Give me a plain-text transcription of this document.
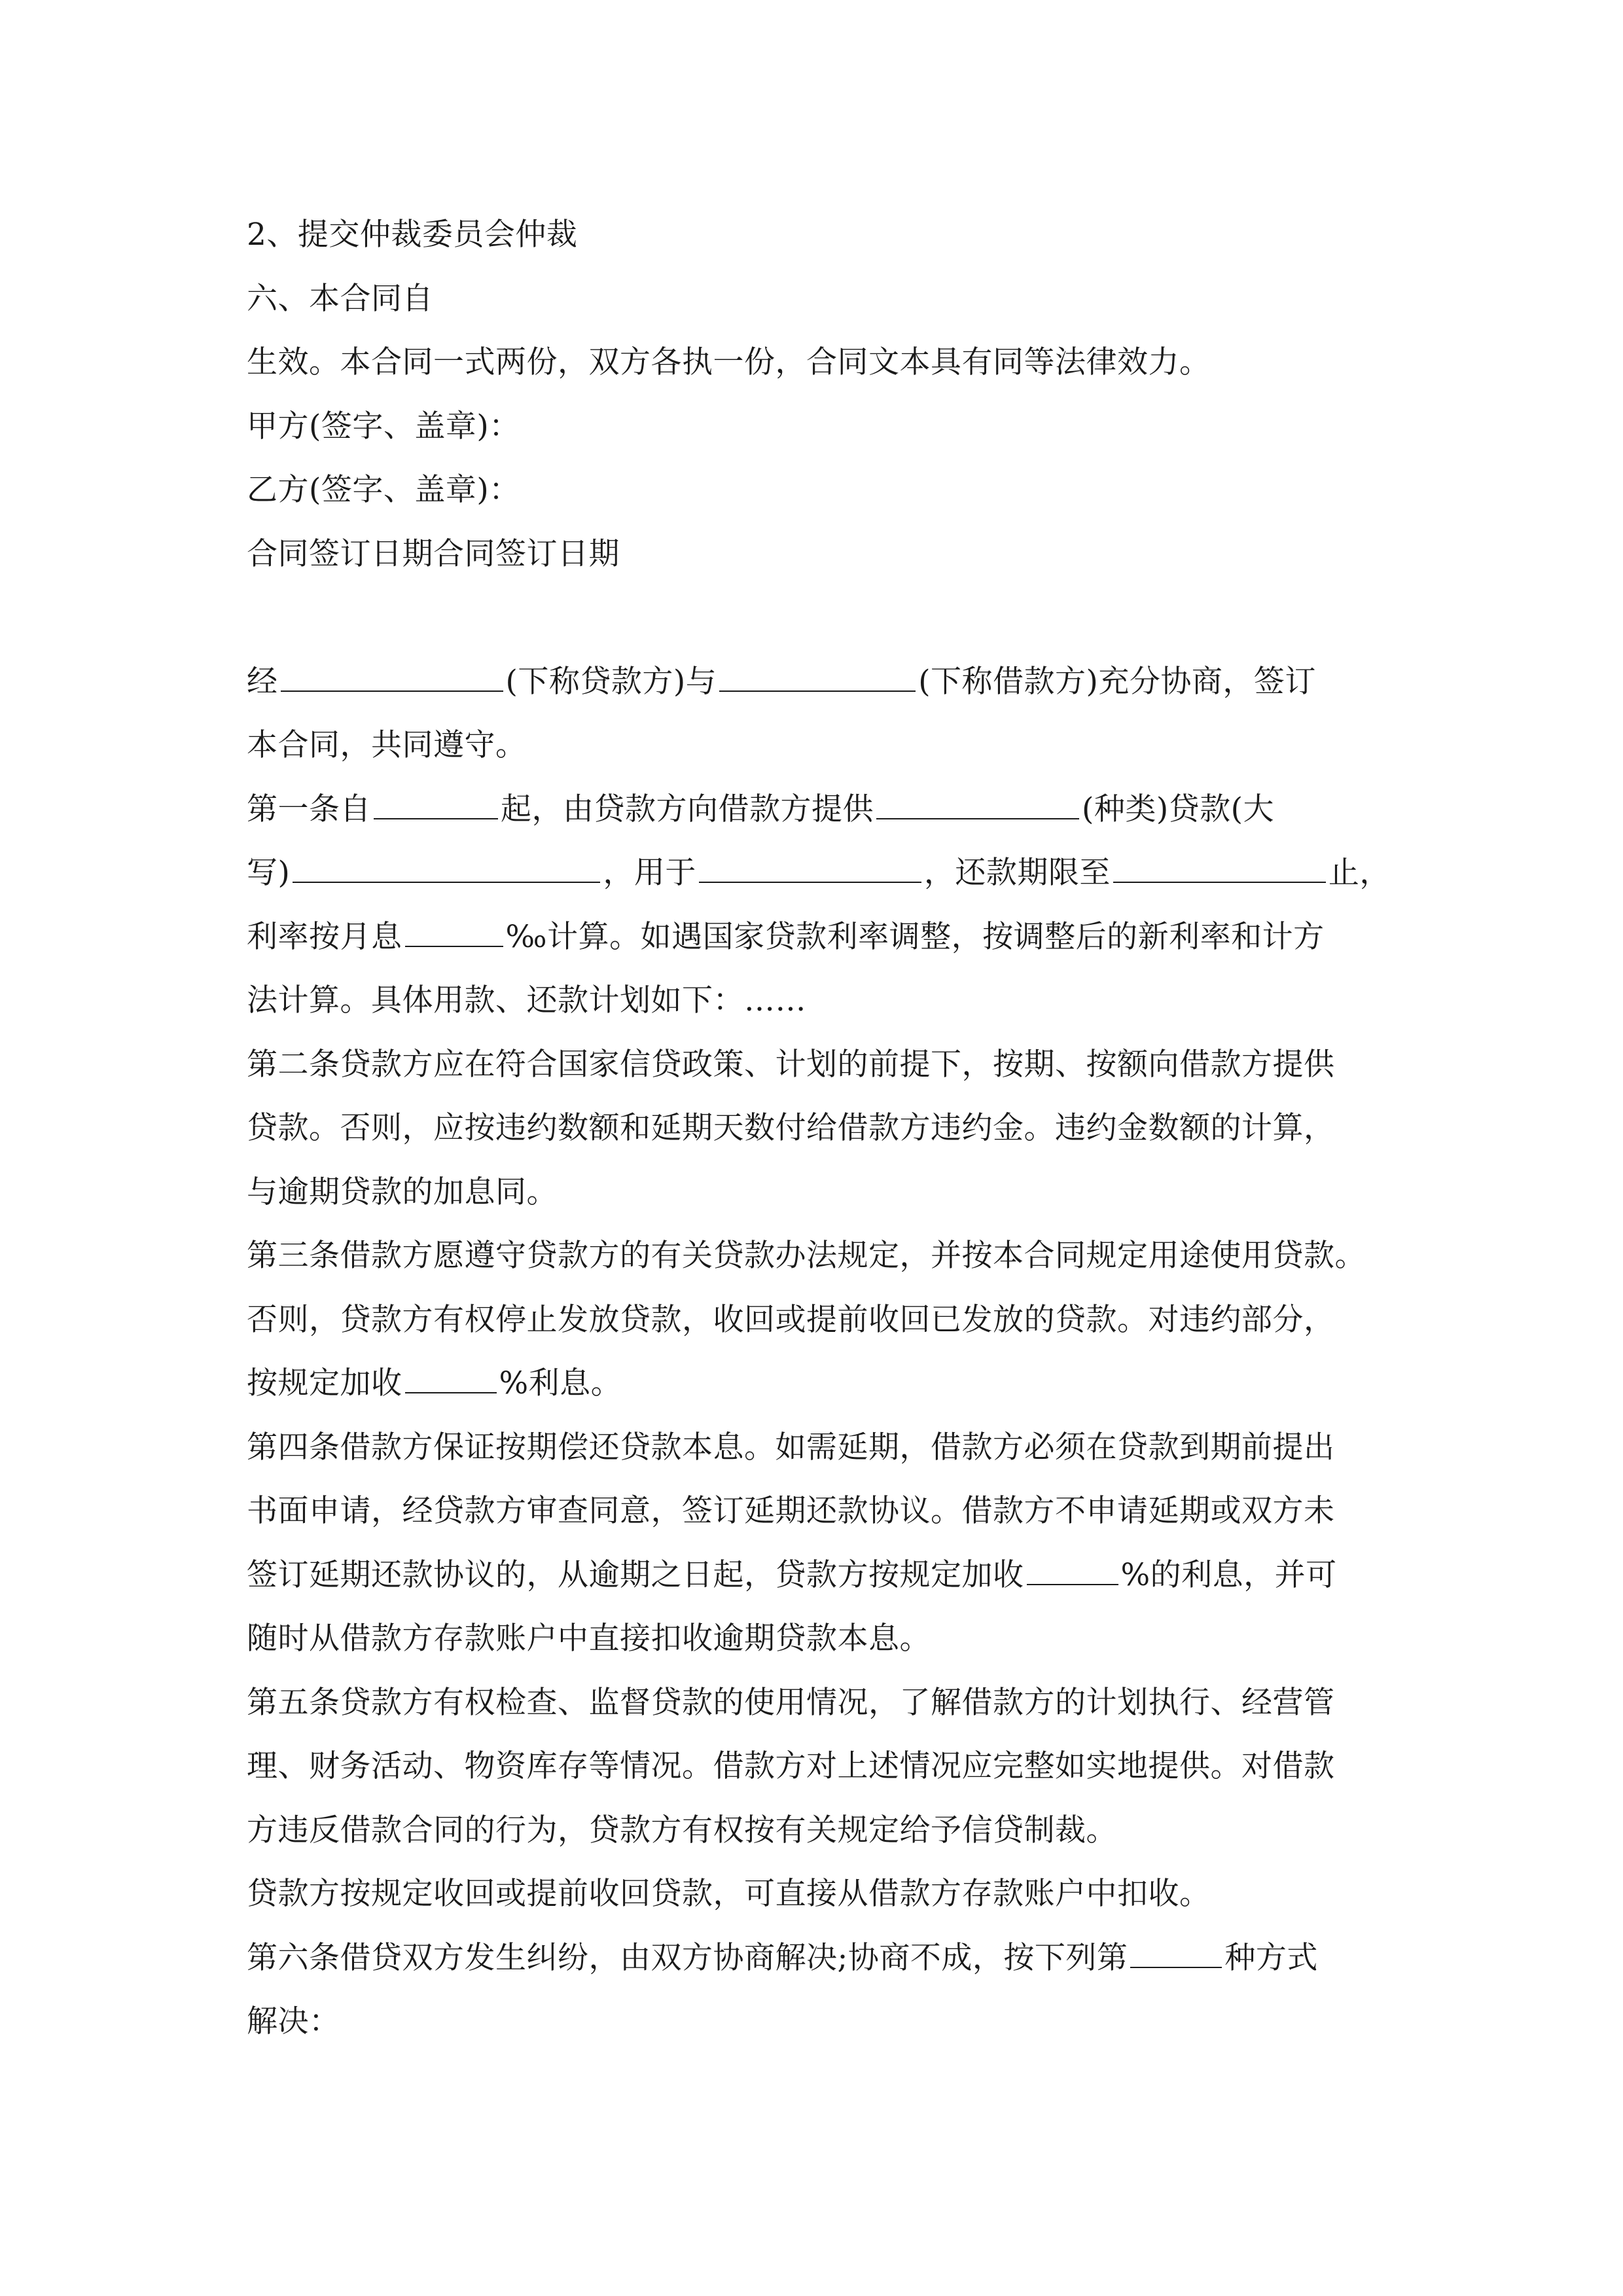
2、提交仲裁委员会仲裁
六、本合同自
生效。本合同一式两份，双方各执一份，合同文本具有同等法律效力。
甲方(签字、盖章)：
乙方(签字、盖章)：
合同签订日期合同签订日期
经	(下称贷款方)与	(下称借款方)充分协商，签订
本合同，共同遵守。
第一条自	起，由贷款方向借款方提供	(种类)贷款(大
写)	，用于	，还款期限至	止，
利率按月息	‰计算。如遇国家贷款利率调整，按调整后的新利率和计方
法计算。具体用款、还款计划如下：……
第二条贷款方应在符合国家信贷政策、计划的前提下，按期、按额向借款方提供
贷款。否则，应按违约数额和延期天数付给借款方违约金。违约金数额的计算，
与逾期贷款的加息同。
第三条借款方愿遵守贷款方的有关贷款办法规定，并按本合同规定用途使用贷款。
否则，贷款方有权停止发放贷款，收回或提前收回已发放的贷款。对违约部分，
按规定加收	%利息。
第四条借款方保证按期偿还贷款本息。如需延期，借款方必须在贷款到期前提出
书面申请，经贷款方审查同意，签订延期还款协议。借款方不申请延期或双方未
签订延期还款协议的，从逾期之日起，贷款方按规定加收	%的利息，并可
随时从借款方存款账户中直接扣收逾期贷款本息。
第五条贷款方有权检查、监督贷款的使用情况，了解借款方的计划执行、经营管
理、财务活动、物资库存等情况。借款方对上述情况应完整如实地提供。对借款
方违反借款合同的行为，贷款方有权按有关规定给予信贷制裁。
贷款方按规定收回或提前收回贷款，可直接从借款方存款账户中扣收。
第六条借贷双方发生纠纷，由双方协商解决;协商不成，按下列第	种方式
解决：
